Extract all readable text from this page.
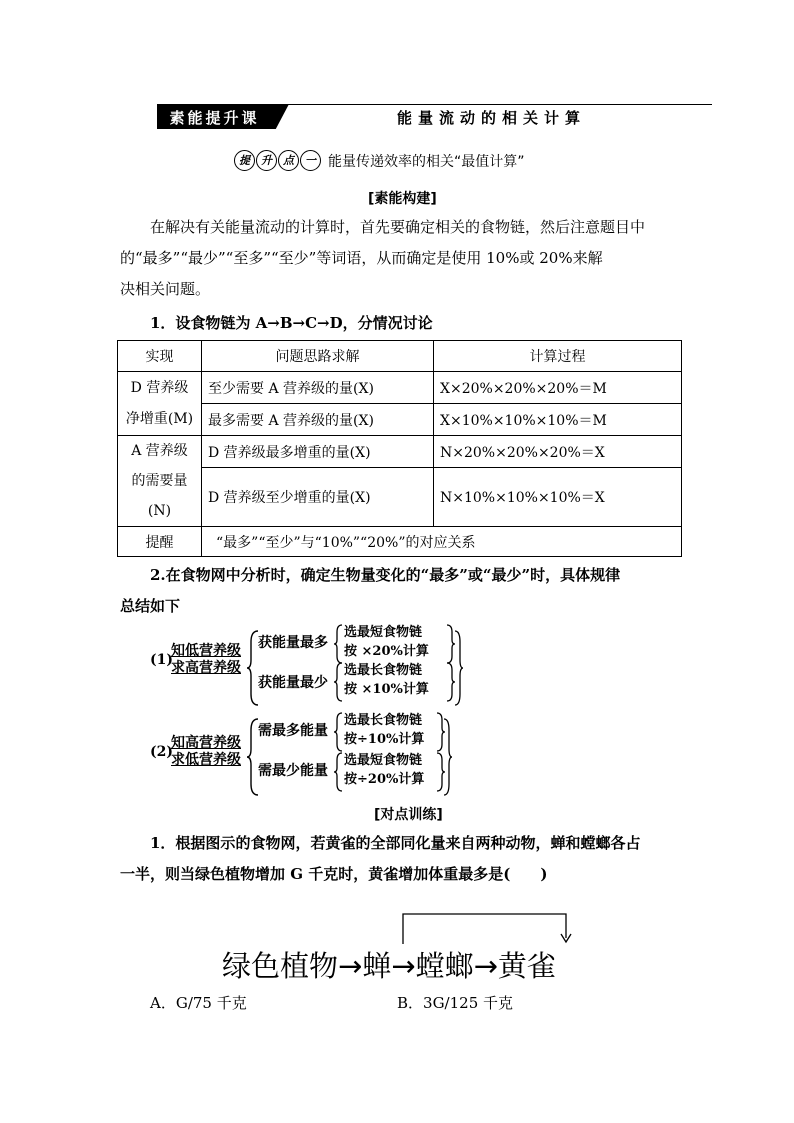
素能提升课	能量流动的相关计算
提	升	点	一 能量传递效率的相关“最值计算”
[素能构建]

在解决有关能量流动的计算时，首先要确定相关的食物链，然后注意题目中

的“最多”“最少”“至多”“至少”等词语，从而确定是使用 10%或 20%来解

决相关问题。

1．设食物链为 A→B→C→D，分情况讨论
实现	问题思路求解	计算过程

D 营养级
净增重(M)	至少需要 A 营养级的量(X)	X×20%×20%×20%＝M
	最多需要 A 营养级的量(X)	X×10%×10%×10%＝M

A 营养级
的需要量
(N)	D 营养级最多增重的量(X)	N×20%×20%×20%＝X
	D 营养级至少增重的量(X)	N×10%×10%×10%＝X
提醒	“最多”“至少”与“10%”“20%”的对应关系	

2.在食物网中分析时，确定生物量变化的“最多”或“最少”时，具体规律

总结如下

(1)
知低营养级
求高营养级
获能量最多
选最短食物链
按 ×20%计算
获能量最少
选最长食物链
按 ×10%计算
(2)
知高营养级
求低营养级
需最多能量
选最长食物链
按÷10%计算
需最少能量
选最短食物链
按÷20%计算
[对点训练]

1．根据图示的食物网，若黄雀的全部同化量来自两种动物，蝉和螳螂各占

一半，则当绿色植物增加 G 千克时，黄雀增加体重最多是(　　)

绿色植物→蝉→螳螂→黄雀
A．G/75 千克	B．3G/125 千克
